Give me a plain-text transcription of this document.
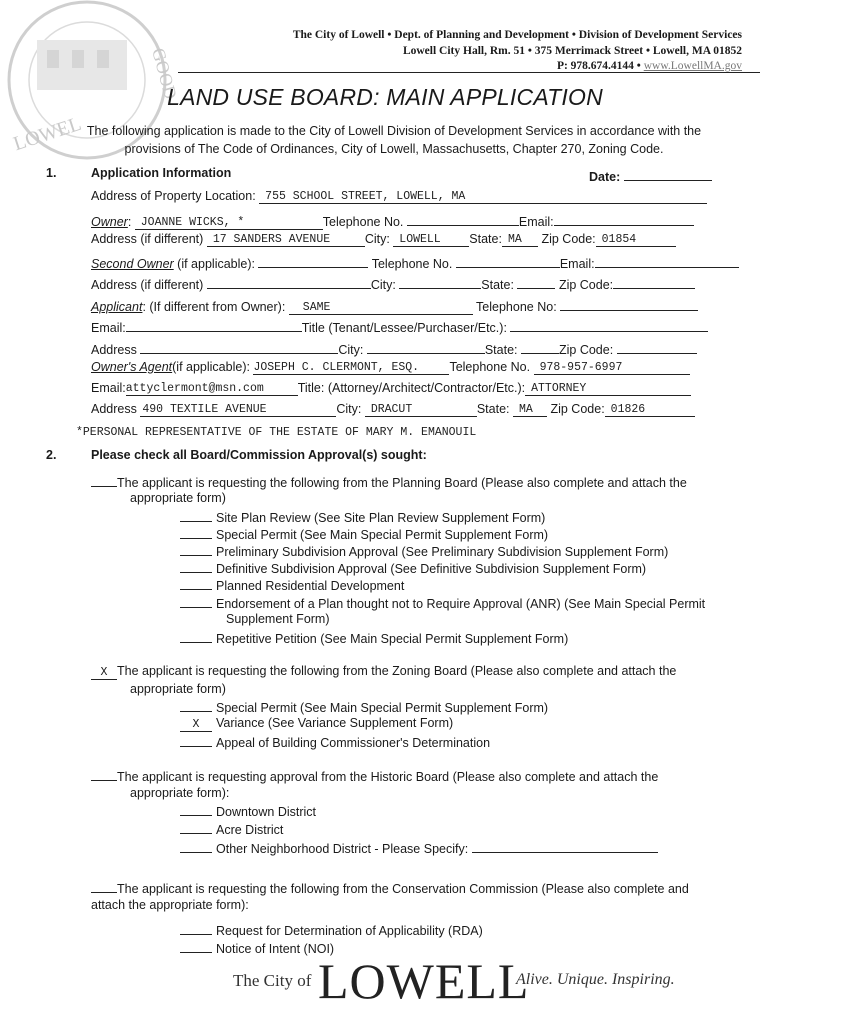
LOWEL
GOOD
The City of Lowell • Dept. of Planning and Development • Division of Development Services
Lowell City Hall, Rm. 51 • 375 Merrimack Street • Lowell, MA 01852
P: 978.674.4144 • www.LowellMA.gov
LAND USE BOARD: MAIN APPLICATION
The following application is made to the City of Lowell Division of Development Services in accordance with the provisions of The Code of Ordinances, City of Lowell, Massachusetts, Chapter 270, Zoning Code.
1.	Application Information	Date:
Address of Property Location: 755 SCHOOL STREET, LOWELL, MA
Owner: JOANNE WICKS, *	Telephone No.	Email:
Address (if different) 17 SANDERS AVENUE	City: LOWELL State: MA Zip Code: 01854
Second Owner (if applicable):	Telephone No.	Email:
Address (if different)	City:	State:	Zip Code:
Applicant: (If different from Owner): SAME	Telephone No:
Email:	Title (Tenant/Lessee/Purchaser/Etc.):
Address	City:	State:	Zip Code:
Owner's Agent(if applicable): JOSEPH C. CLERMONT, ESQ. Telephone No. 978-957-6997
Email:attyclermont@msn.com	Title: (Attorney/Architect/Contractor/Etc.): ATTORNEY
Address 490 TEXTILE AVENUE	City: DRACUT	State: MA Zip Code: 01826
*PERSONAL REPRESENTATIVE OF THE ESTATE OF MARY M. EMANOUIL
2.	Please check all Board/Commission Approval(s) sought:
The applicant is requesting the following from the Planning Board (Please also complete and attach the
appropriate form)
Site Plan Review (See Site Plan Review Supplement Form)
Special Permit (See Main Special Permit Supplement Form)
Preliminary Subdivision Approval (See Preliminary Subdivision Supplement Form)
Definitive Subdivision Approval (See Definitive Subdivision Supplement Form)
Planned Residential Development
Endorsement of a Plan thought not to Require Approval (ANR) (See Main Special Permit
Supplement Form)
Repetitive Petition (See Main Special Permit Supplement Form)
X The applicant is requesting the following from the Zoning Board (Please also complete and attach the
appropriate form)
Special Permit (See Main Special Permit Supplement Form)
X Variance (See Variance Supplement Form)
Appeal of Building Commissioner's Determination
The applicant is requesting approval from the Historic Board (Please also complete and attach the
appropriate form):
Downtown District
Acre District
Other Neighborhood District - Please Specify:
The applicant is requesting the following from the Conservation Commission (Please also complete and
attach the appropriate form):
Request for Determination of Applicability (RDA)
Notice of Intent (NOI)
The City of LOWELL
Alive. Unique. Inspiring.
